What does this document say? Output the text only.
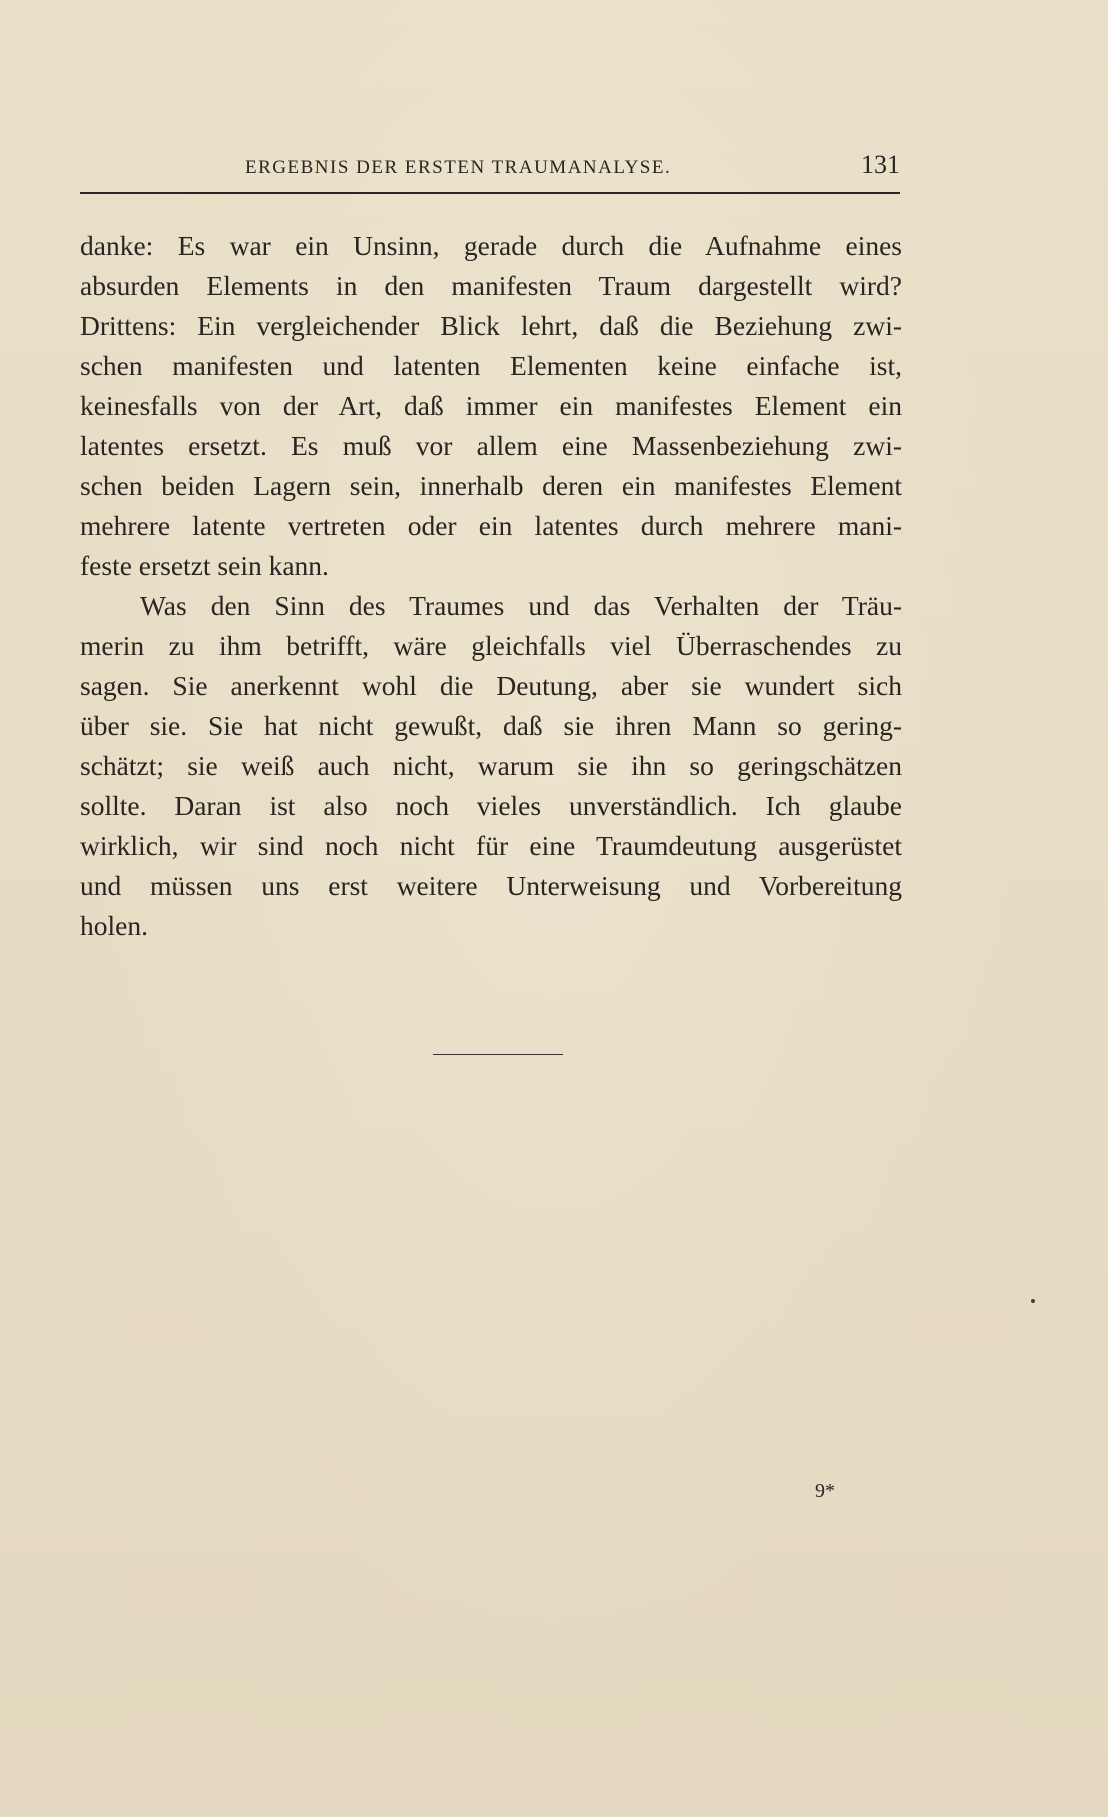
ERGEBNIS DER ERSTEN TRAUMANALYSE.	131
danke: Es war ein Unsinn, gerade durch die Aufnahme eines
absurden Elements in den manifesten Traum dargestellt wird?
Drittens: Ein vergleichender Blick lehrt, daß die Beziehung zwi-
schen manifesten und latenten Elementen keine einfache ist,
keinesfalls von der Art, daß immer ein manifestes Element ein
latentes ersetzt. Es muß vor allem eine Massenbeziehung zwi-
schen beiden Lagern sein, innerhalb deren ein manifestes Element
mehrere latente vertreten oder ein latentes durch mehrere mani-
feste ersetzt sein kann.
Was den Sinn des Traumes und das Verhalten der Träu-
merin zu ihm betrifft, wäre gleichfalls viel Überraschendes zu
sagen. Sie anerkennt wohl die Deutung, aber sie wundert sich
über sie. Sie hat nicht gewußt, daß sie ihren Mann so gering-
schätzt; sie weiß auch nicht, warum sie ihn so geringschätzen
sollte. Daran ist also noch vieles unverständlich. Ich glaube
wirklich, wir sind noch nicht für eine Traumdeutung ausgerüstet
und müssen uns erst weitere Unterweisung und Vorbereitung
holen.
9*
